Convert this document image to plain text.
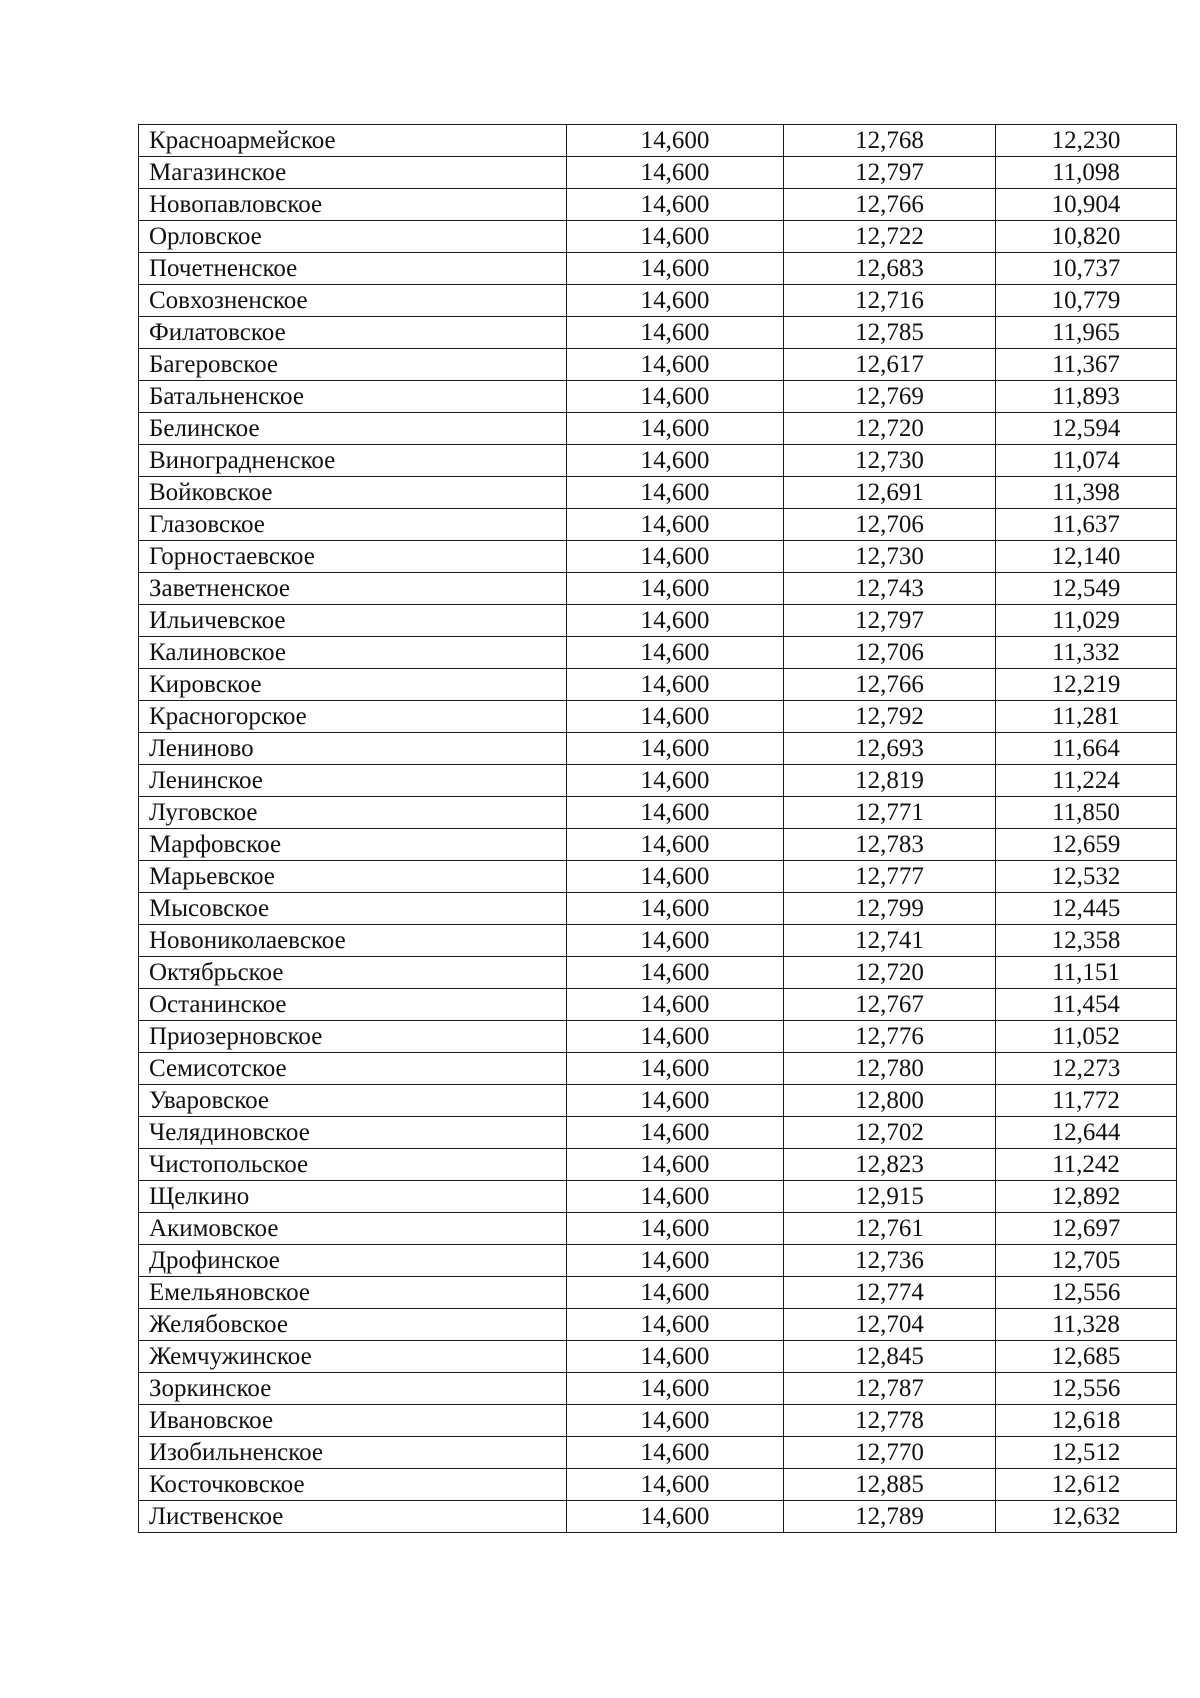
Красноармейское	14,600	12,768	12,230
Магазинское	14,600	12,797	11,098
Новопавловское	14,600	12,766	10,904
Орловское	14,600	12,722	10,820
Почетненское	14,600	12,683	10,737
Совхозненское	14,600	12,716	10,779
Филатовское	14,600	12,785	11,965
Багеровское	14,600	12,617	11,367
Батальненское	14,600	12,769	11,893
Белинское	14,600	12,720	12,594
Виноградненское	14,600	12,730	11,074
Войковское	14,600	12,691	11,398
Глазовское	14,600	12,706	11,637
Горностаевское	14,600	12,730	12,140
Заветненское	14,600	12,743	12,549
Ильичевское	14,600	12,797	11,029
Калиновское	14,600	12,706	11,332
Кировское	14,600	12,766	12,219
Красногорское	14,600	12,792	11,281
Лениново	14,600	12,693	11,664
Ленинское	14,600	12,819	11,224
Луговское	14,600	12,771	11,850
Марфовское	14,600	12,783	12,659
Марьевское	14,600	12,777	12,532
Мысовское	14,600	12,799	12,445
Новониколаевское	14,600	12,741	12,358
Октябрьское	14,600	12,720	11,151
Останинское	14,600	12,767	11,454
Приозерновское	14,600	12,776	11,052
Семисотское	14,600	12,780	12,273
Уваровское	14,600	12,800	11,772
Челядиновское	14,600	12,702	12,644
Чистопольское	14,600	12,823	11,242
Щелкино	14,600	12,915	12,892
Акимовское	14,600	12,761	12,697
Дрофинское	14,600	12,736	12,705
Емельяновское	14,600	12,774	12,556
Желябовское	14,600	12,704	11,328
Жемчужинское	14,600	12,845	12,685
Зоркинское	14,600	12,787	12,556
Ивановское	14,600	12,778	12,618
Изобильненское	14,600	12,770	12,512
Косточковское	14,600	12,885	12,612
Лиственское	14,600	12,789	12,632
